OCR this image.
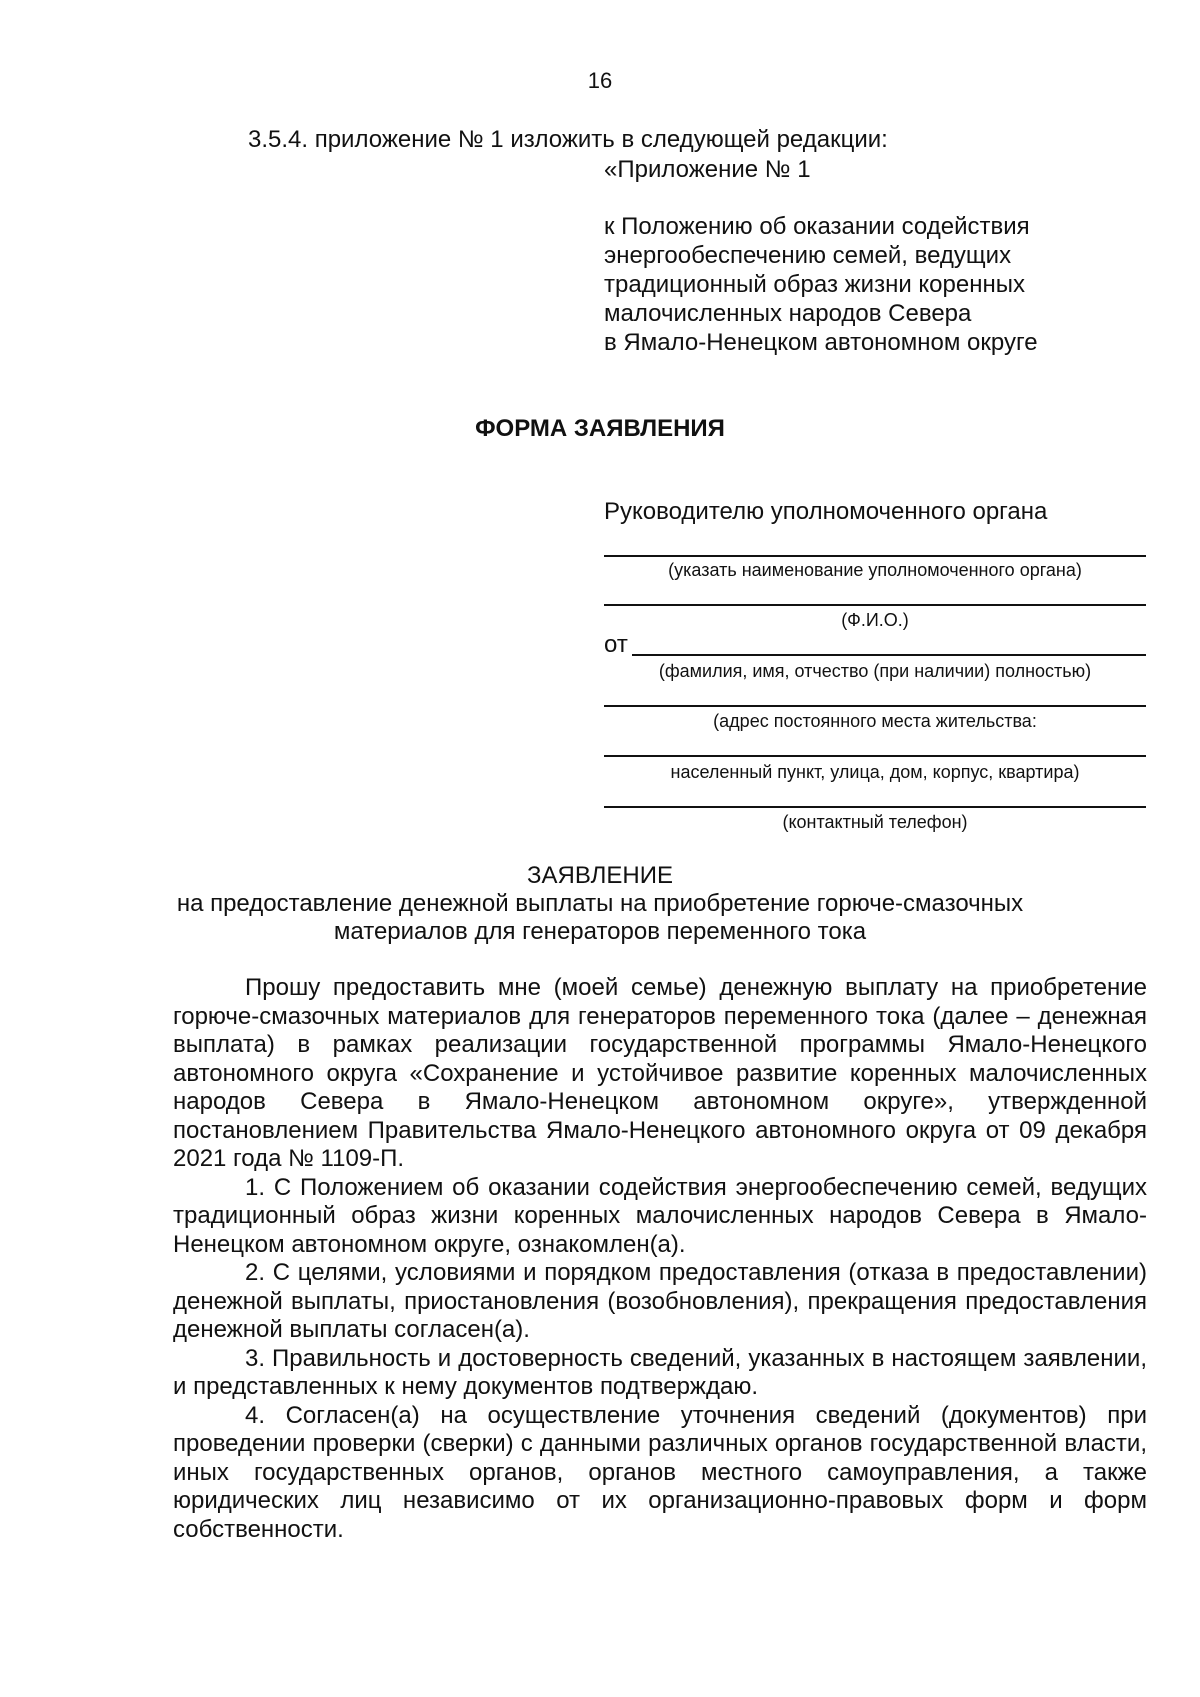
16
3.5.4. приложение № 1 изложить в следующей редакции:
«Приложение № 1
к Положению об оказании содействия
энергообеспечению семей, ведущих
традиционный образ жизни коренных
малочисленных народов Севера
в Ямало-Ненецком автономном округе
ФОРМА ЗАЯВЛЕНИЯ
Руководителю уполномоченного органа
(указать наименование уполномоченного органа)
(Ф.И.О.)
от
(фамилия, имя, отчество (при наличии) полностью)
(адрес постоянного места жительства:
населенный пункт, улица, дом, корпус, квартира)
(контактный телефон)
ЗАЯВЛЕНИЕ
на предоставление денежной выплаты на приобретение горюче-смазочных
материалов для генераторов переменного тока

Прошу предоставить мне (моей семье) денежную выплату на приобретение горюче-смазочных материалов для генераторов переменного тока (далее – денежная выплата) в рамках реализации государственной программы Ямало-Ненецкого автономного округа «Сохранение и устойчивое развитие коренных малочисленных народов Севера в Ямало-Ненецком автономном округе», утвержденной постановлением Правительства Ямало-Ненецкого автономного округа от 09 декабря 2021 года № 1109-П.

1. С Положением об оказании содействия энергообеспечению семей, ведущих традиционный образ жизни коренных малочисленных народов Севера в Ямало-Ненецком автономном округе, ознакомлен(а).

2. С целями, условиями и порядком предоставления (отказа в предоставлении) денежной выплаты, приостановления (возобновления), прекращения предоставления денежной выплаты согласен(а).

3. Правильность и достоверность сведений, указанных в настоящем заявлении, и представленных к нему документов подтверждаю.

4. Согласен(а) на осуществление уточнения сведений (документов) при проведении проверки (сверки) с данными различных органов государственной власти, иных государственных органов, органов местного самоуправления, а также юридических лиц независимо от их организационно-правовых форм и форм собственности.
